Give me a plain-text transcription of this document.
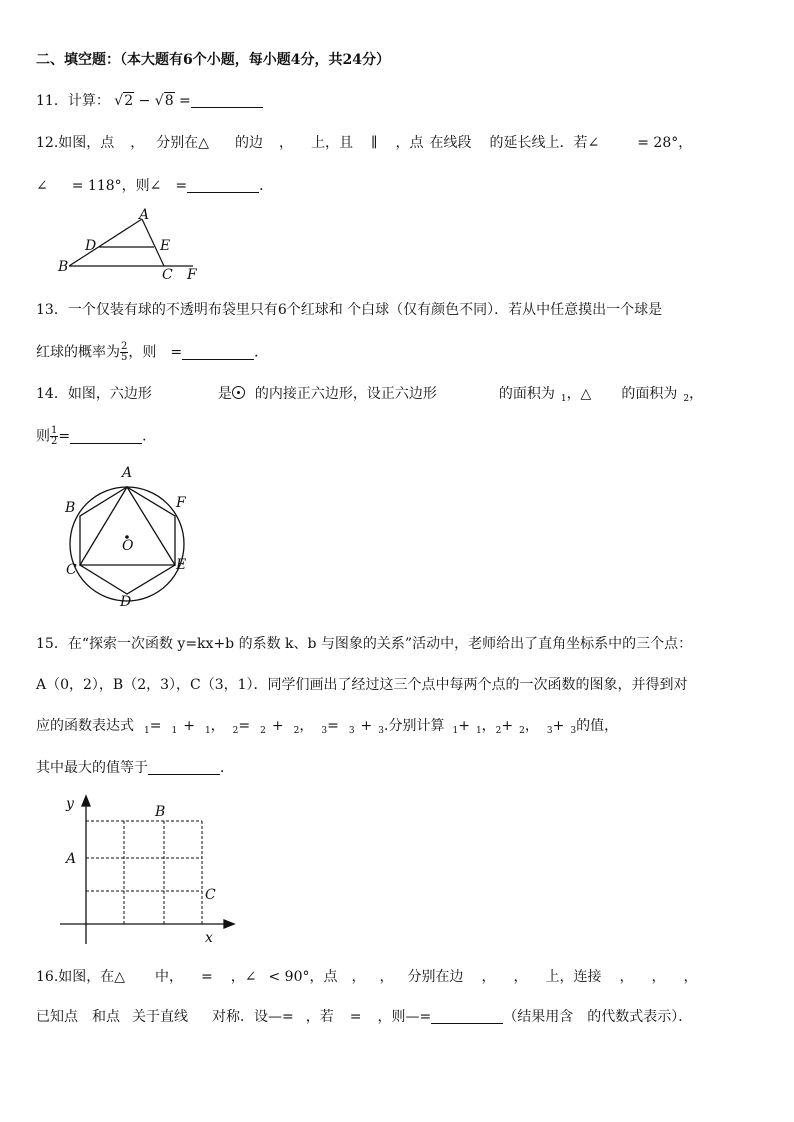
二、填空题：（本大题有6个小题，每小题4分，共24分）
11．计算： √2 − √8 =
12.如图，点 ， 分别在△ 的边 ， 上，且 ∥ ，点 在线段 的延长线上．若∠	= 28°，
∠ = 118°，则∠ =	．
A
D	E
B	C F
13．一个仅装有球的不透明布袋里只有6个红球和 个白球（仅有颜色不同）．若从中任意摸出一个球是
红球的概率为 $\frac{2}{5}$ ，则 =	．
14．如图，六边形	是 的内接正六边形，设正六边形	的面积为 $_1$，△ 的面积为 $_2$，
则 $\frac{1}{2}$ =	．
A
B	F
O
C	E
D
15．在“探索一次函数 y=kx+b 的系数 k、b 与图象的关系”活动中，老师给出了直角坐标系中的三个点：
A（0，2），B（2，3），C（3，1）．同学们画出了经过这三个点中每两个点的一次函数的图象，并得到对
应的函数表达式 $_1$= $_1$ + $_1$， $_2$= $_2$ + $_2$， $_3$= $_3$ + $_3$.分别计算 $_1$+ $_1$，$_2$+ $_2$， $_3$+ $_3$的值，
其中最大的值等于	．
y
x
B
A
C
16.如图，在△ 中， = ，∠ < 90°，点 ， ， 分别在边 ， ， 上，连接 ， ， ，
已知点 和点 关于直线 对称．设—= ，若 = ，则—=	（结果用含 的代数式表示）．
